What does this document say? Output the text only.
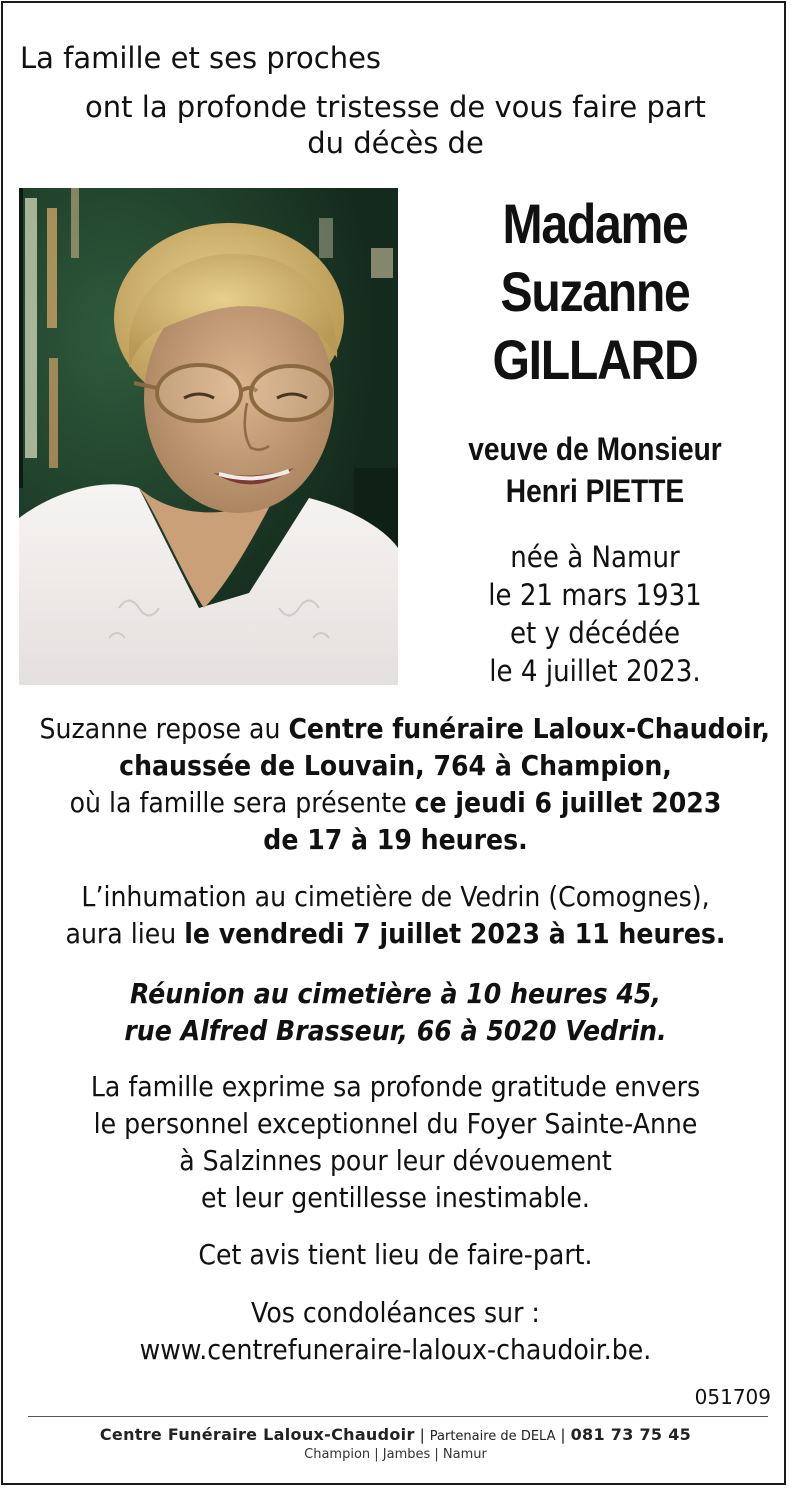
La famille et ses proches
ont la profonde tristesse de vous faire part
du décès de
Madame
Suzanne
GILLARD
veuve de Monsieur
Henri PIETTE
née à Namur
le 21 mars 1931
et y décédée
le 4 juillet 2023.
Suzanne repose au Centre funéraire Laloux-Chaudoir,
chaussée de Louvain, 764 à Champion,
où la famille sera présente ce jeudi 6 juillet 2023
de 17 à 19 heures.
L’inhumation au cimetière de Vedrin (Comognes),
aura lieu le vendredi 7 juillet 2023 à 11 heures.
Réunion au cimetière à 10 heures 45,
rue Alfred Brasseur, 66 à 5020 Vedrin.
La famille exprime sa profonde gratitude envers
le personnel exceptionnel du Foyer Sainte-Anne
à Salzinnes pour leur dévouement
et leur gentillesse inestimable.
Cet avis tient lieu de faire-part.
Vos condoléances sur :
www.centrefuneraire-laloux-chaudoir.be.
051709
Centre Funéraire Laloux-Chaudoir | Partenaire de DELA | 081 73 75 45
Champion | Jambes | Namur
